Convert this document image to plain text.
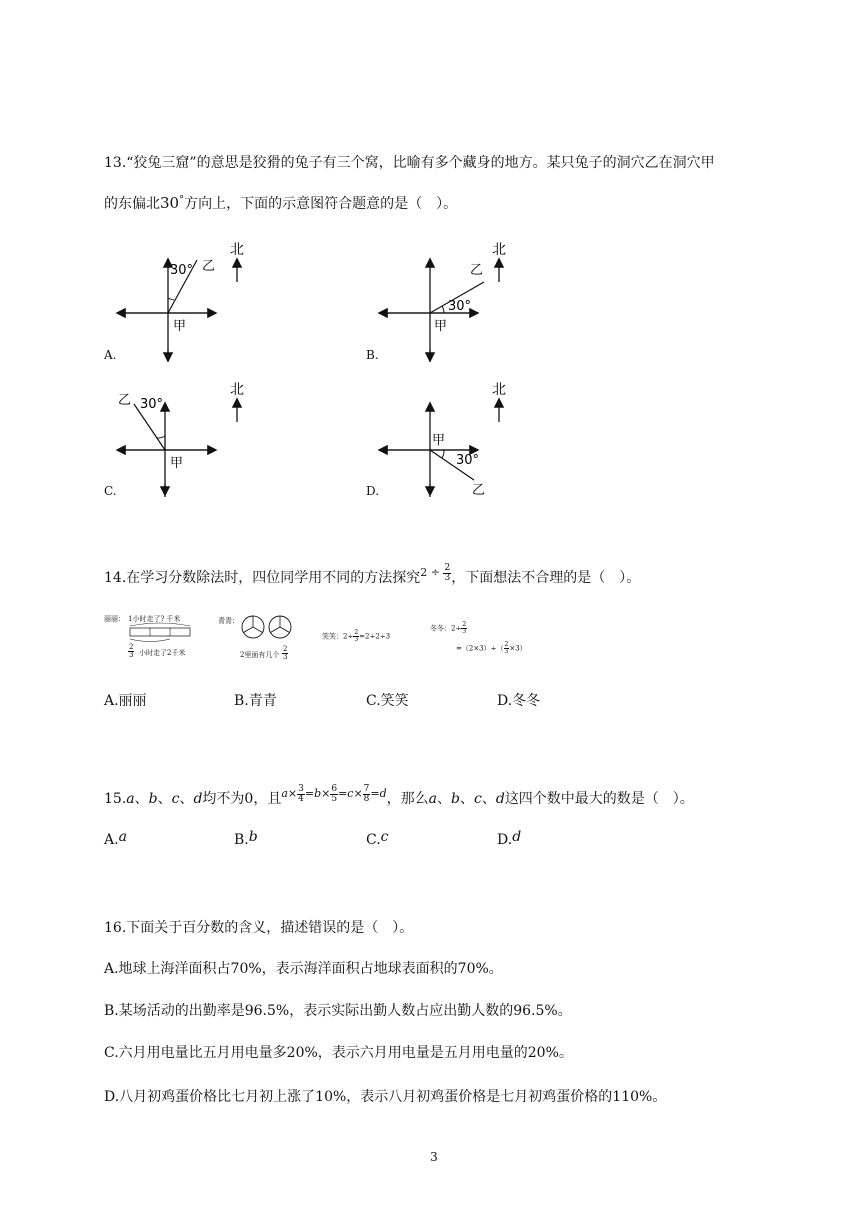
13.“狡兔三窟”的意思是狡猾的兔子有三个窝，比喻有多个藏身的地方。某只兔子的洞穴乙在洞穴甲
的东偏北30°方向上，下面的示意图符合题意的是（　）。
30° 乙
甲
北
A.
30°
乙
甲
北
B.
30°
乙
甲
北
C.
30°
乙
甲
北
D.
14.在学习分数除法时，四位同学用不同的方法探究$^{2 \div \frac{2}{3}}$ ，下面想法不合理的是（　）。
丽丽： 1小时走了? 千米
$\frac{2}{3}$ 小时走了2千米
青青：
2里面有几个 $\frac{2}{3}$
笑笑：$2\div \frac{2}{3} =2\div 2\div 3$
冬冬：$2\div \frac{2}{3}$
$=(2\times 3)\div( \frac{2}{3} \times 3)$
A.丽丽	B.青青	C.笑笑	D.冬冬
15.a、b、c、d均不为0，且$^{a\times \frac{3}{4} =b\times \frac{6}{5} =c\times \frac{7}{8} =d}$，那么a、b、c、d这四个数中最大的数是（　）。
A.a	B.b	C.c	D.d
16.下面关于百分数的含义，描述错误的是（　）。
A.地球上海洋面积占70%，表示海洋面积占地球表面积的70%。
B.某场活动的出勤率是96.5%，表示实际出勤人数占应出勤人数的96.5%。
C.六月用电量比五月用电量多20%，表示六月用电量是五月用电量的20%。
D.八月初鸡蛋价格比七月初上涨了10%，表示八月初鸡蛋价格是七月初鸡蛋价格的110%。
3
